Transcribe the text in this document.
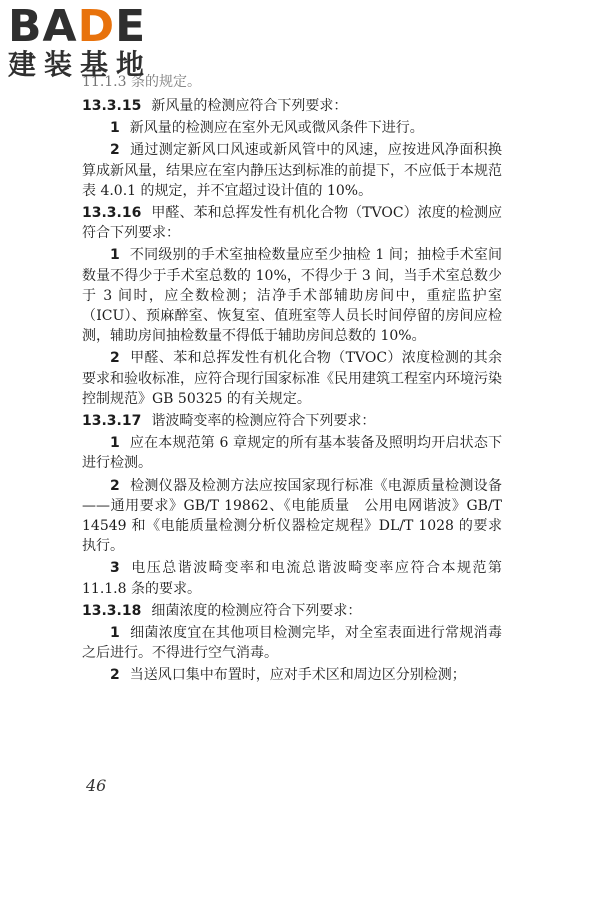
BADE

建装基地

11.1.3 条的规定。

13.3.15 新风量的检测应符合下列要求：

1 新风量的检测应在室外无风或微风条件下进行。

2 通过测定新风口风速或新风管中的风速，应按进风净面积换算成新风量，结果应在室内静压达到标准的前提下，不应低于本规范表 4.0.1 的规定，并不宜超过设计值的 10%。

13.3.16 甲醛、苯和总挥发性有机化合物（TVOC）浓度的检测应符合下列要求：

1 不同级别的手术室抽检数量应至少抽检 1 间；抽检手术室间数量不得少于手术室总数的 10%，不得少于 3 间，当手术室总数少于 3 间时，应全数检测；洁净手术部辅助房间中，重症监护室（ICU）、预麻醉室、恢复室、值班室等人员长时间停留的房间应检测，辅助房间抽检数量不得低于辅助房间总数的 10%。

2 甲醛、苯和总挥发性有机化合物（TVOC）浓度检测的其余要求和验收标准，应符合现行国家标准《民用建筑工程室内环境污染控制规范》GB 50325 的有关规定。

13.3.17 谐波畸变率的检测应符合下列要求：

1 应在本规范第 6 章规定的所有基本装备及照明均开启状态下进行检测。

2 检测仪器及检测方法应按国家现行标准《电源质量检测设备——通用要求》GB/T 19862、《电能质量　公用电网谐波》GB/T 14549 和《电能质量检测分析仪器检定规程》DL/T 1028 的要求执行。

3 电压总谐波畸变率和电流总谐波畸变率应符合本规范第 11.1.8 条的要求。

13.3.18 细菌浓度的检测应符合下列要求：

1 细菌浓度宜在其他项目检测完毕，对全室表面进行常规消毒之后进行。不得进行空气消毒。

2 当送风口集中布置时，应对手术区和周边区分别检测；

46
